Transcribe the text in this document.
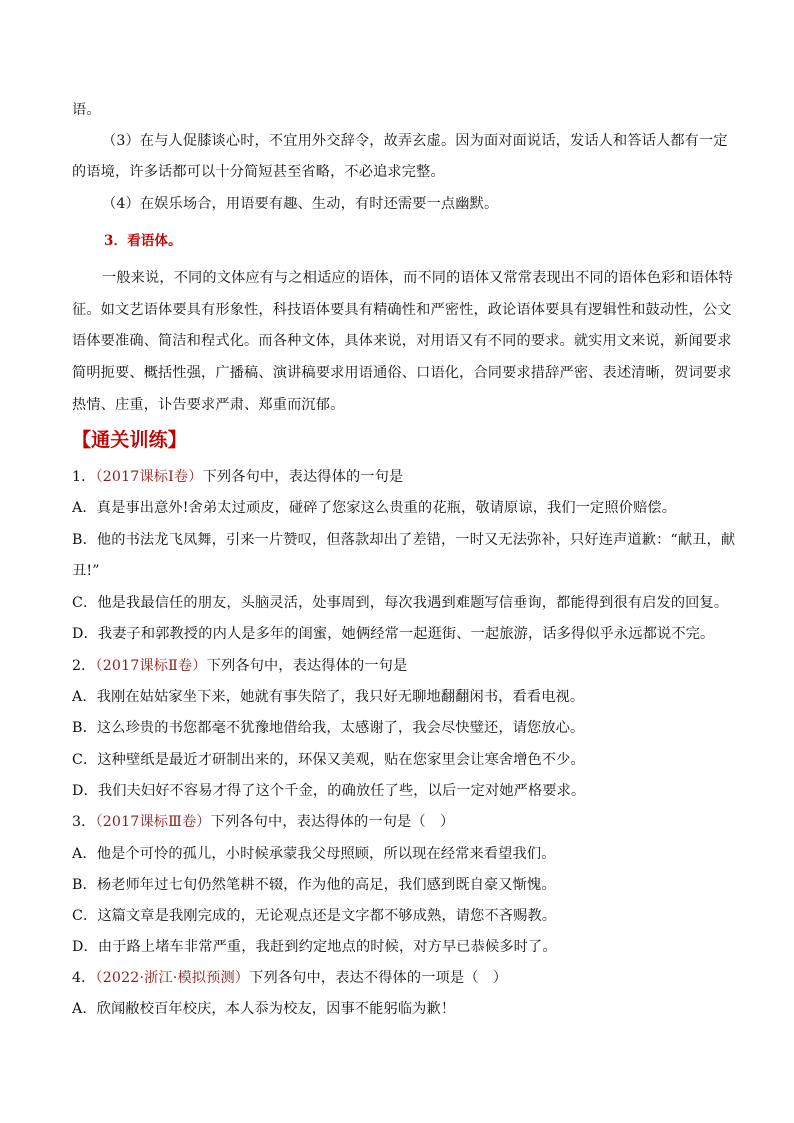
语。
（3）在与人促膝谈心时，不宜用外交辞令，故弄玄虚。因为面对面说话，发话人和答话人都有一定
的语境，许多话都可以十分简短甚至省略，不必追求完整。
（4）在娱乐场合，用语要有趣、生动，有时还需要一点幽默。
3．看语体。
一般来说，不同的文体应有与之相适应的语体，而不同的语体又常常表现出不同的语体色彩和语体特
征。如文艺语体要具有形象性，科技语体要具有精确性和严密性，政论语体要具有逻辑性和鼓动性，公文
语体要准确、简洁和程式化。而各种文体，具体来说，对用语又有不同的要求。就实用文来说，新闻要求
简明扼要、概括性强，广播稿、演讲稿要求用语通俗、口语化，合同要求措辞严密、表述清晰，贺词要求
热情、庄重，讣告要求严肃、郑重而沉郁。
【通关训练】
1．（2017课标Ⅰ卷）下列各句中，表达得体的一句是
A．真是事出意外!舍弟太过顽皮，碰碎了您家这么贵重的花瓶，敬请原谅，我们一定照价赔偿。
B．他的书法龙飞凤舞，引来一片赞叹，但落款却出了差错，一时又无法弥补，只好连声道歉：“献丑，献
丑!”
C．他是我最信任的朋友，头脑灵活，处事周到，每次我遇到难题写信垂询，都能得到很有启发的回复。
D．我妻子和郭教授的内人是多年的闺蜜，她俩经常一起逛街、一起旅游，话多得似乎永远都说不完。
2．（2017课标Ⅱ卷）下列各句中，表达得体的一句是
A．我刚在姑姑家坐下来，她就有事失陪了，我只好无聊地翻翻闲书，看看电视。
B．这么珍贵的书您都毫不犹豫地借给我，太感谢了，我会尽快璧还，请您放心。
C．这种壁纸是最近才研制出来的，环保又美观，贴在您家里会让寒舍增色不少。
D．我们夫妇好不容易才得了这个千金，的确放任了些，以后一定对她严格要求。
3．（2017课标Ⅲ卷）下列各句中，表达得体的一句是（　）
A．他是个可怜的孤儿，小时候承蒙我父母照顾，所以现在经常来看望我们。
B．杨老师年过七旬仍然笔耕不辍，作为他的高足，我们感到既自豪又惭愧。
C．这篇文章是我刚完成的，无论观点还是文字都不够成熟，请您不吝赐教。
D．由于路上堵车非常严重，我赶到约定地点的时候，对方早已恭候多时了。
4．（2022·浙江·模拟预测）下列各句中，表达不得体的一项是（　）
A．欣闻敝校百年校庆，本人忝为校友，因事不能躬临为歉！
